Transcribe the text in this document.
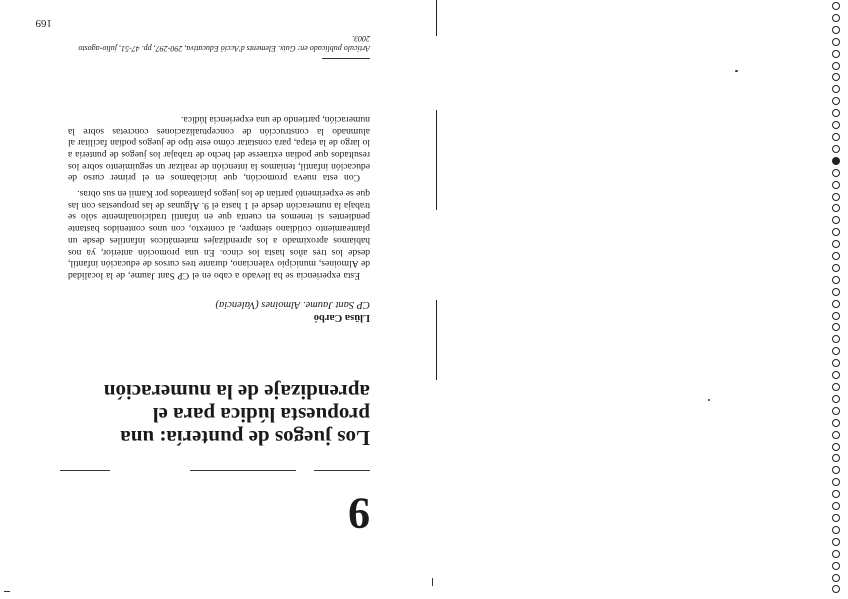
169
9
Los juegos de puntería: una propuesta lúdica para el aprendizaje de la numeración
Llüsa Carbó
CP Sant Jaume. Almoines (Valencia)

Esta experiencia se ha llevado a cabo en el CP Sant Jaume, de la localidad de Almoines, municipio valenciano, durante tres cursos de educación infantil, desde los tres años hasta los cinco. En una promoción anterior, ya nos habíamos aproximado a los aprendizajes matemáticos infantiles desde un planteamiento cotidiano siempre, al contexto, con unos contenidos bastante pendientes si tenemos en cuenta que en infantil tradicionalmente sólo se trabaja la numeración desde el 1 hasta el 9. Algunas de las propuestas con las que se experimentó partían de los juegos planteados por Kamii en sus obras.

Con esta nueva promoción, que iniciábamos en el primer curso de educación infantil, teníamos la intención de realizar un seguimiento sobre los resultados que podían extraerse del hecho de trabajar los juegos de puntería a lo largo de la etapa, para constatar cómo este tipo de juegos podían facilitar al alumnado la construcción de conceptualizaciones concretas sobre la numeración, partiendo de una experiencia lúdica.

Artículo publicado en: Guix. Elements d'Acció Educativa, 290-297, pp. 47-51, julio-agosto 2003.
